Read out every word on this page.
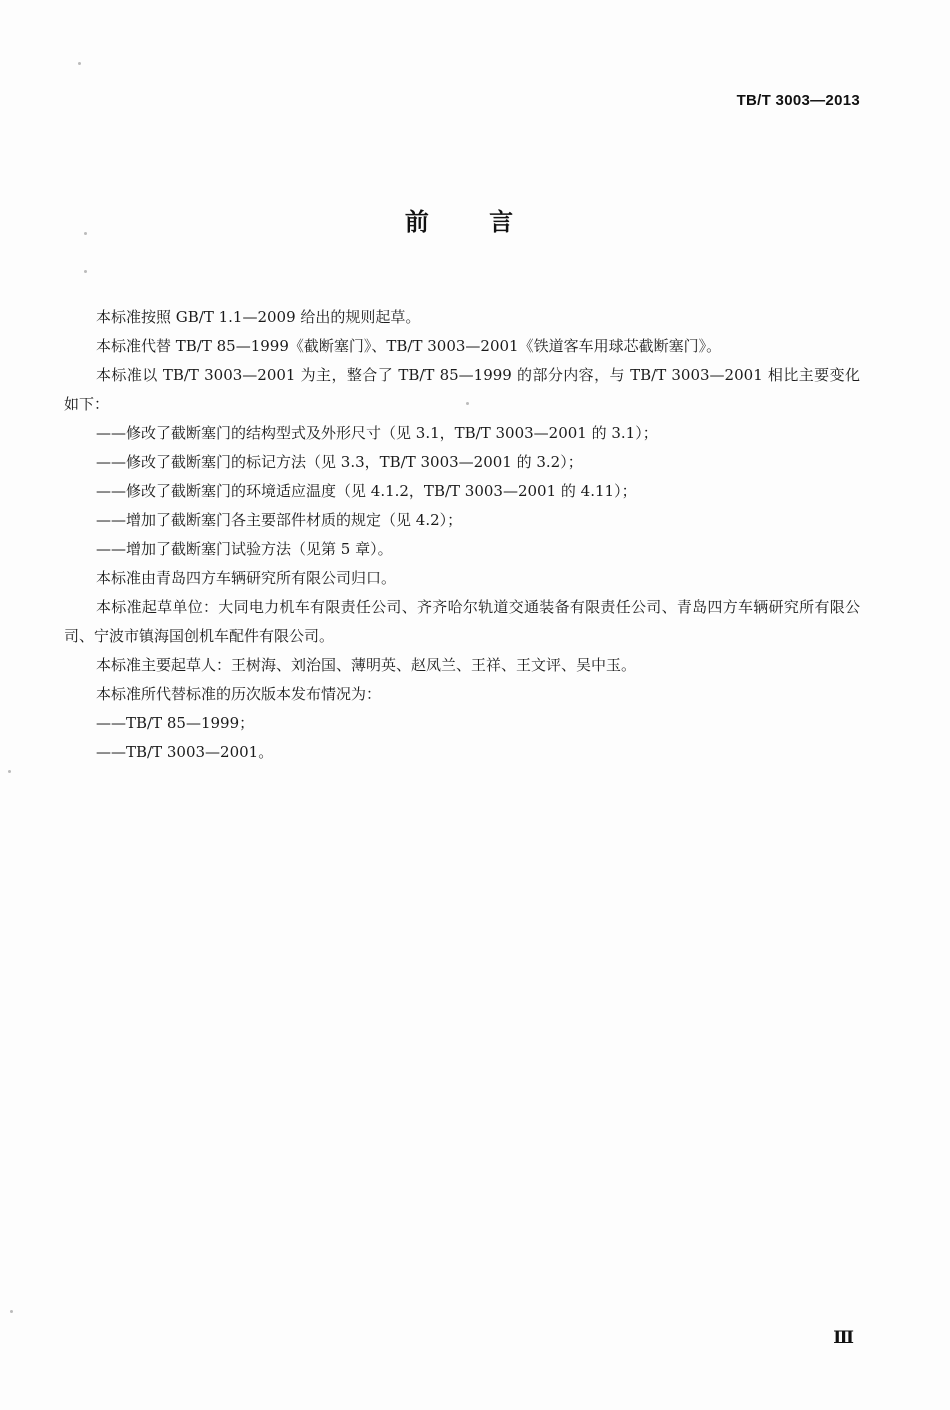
TB/T 3003—2013
前 言

本标准按照 GB/T 1.1—2009 给出的规则起草。

本标准代替 TB/T 85—1999《截断塞门》、TB/T 3003—2001《铁道客车用球芯截断塞门》。

本标准以 TB/T 3003—2001 为主，整合了 TB/T 85—1999 的部分内容，与 TB/T 3003—2001 相比主要变化如下：

——修改了截断塞门的结构型式及外形尺寸（见 3.1，TB/T 3003—2001 的 3.1）；

——修改了截断塞门的标记方法（见 3.3，TB/T 3003—2001 的 3.2）；

——修改了截断塞门的环境适应温度（见 4.1.2，TB/T 3003—2001 的 4.11）；

——增加了截断塞门各主要部件材质的规定（见 4.2）；

——增加了截断塞门试验方法（见第 5 章）。

本标准由青岛四方车辆研究所有限公司归口。

本标准起草单位：大同电力机车有限责任公司、齐齐哈尔轨道交通装备有限责任公司、青岛四方车辆研究所有限公司、宁波市镇海国创机车配件有限公司。

本标准主要起草人：王树海、刘治国、薄明英、赵凤兰、王祥、王文评、吴中玉。

本标准所代替标准的历次版本发布情况为：

——TB/T 85—1999；

——TB/T 3003—2001。

Ⅲ
